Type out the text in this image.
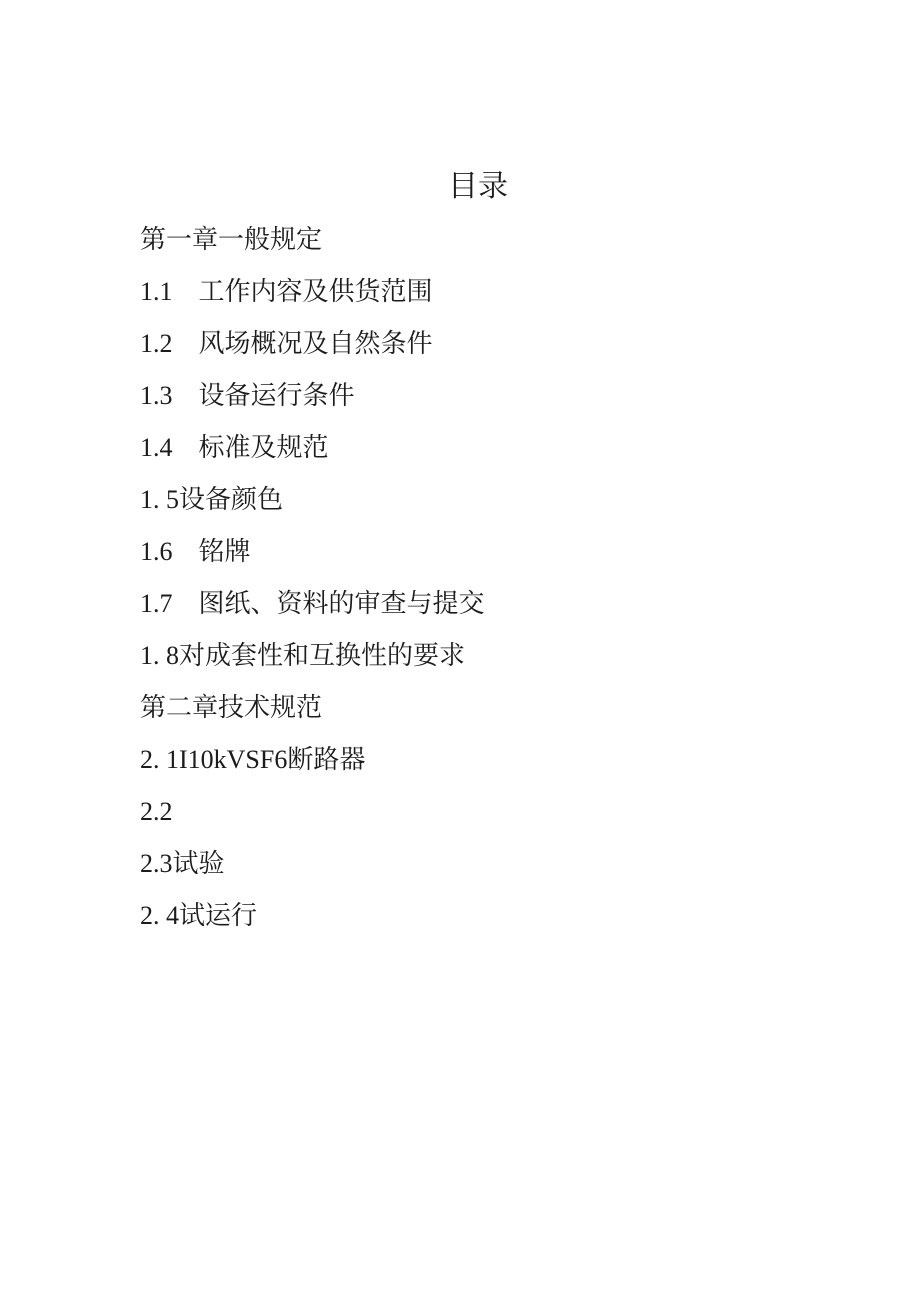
目录
第一章一般规定
1.1　工作内容及供货范围
1.2　风场概况及自然条件
1.3　设备运行条件
1.4　标准及规范
1. 5设备颜色
1.6　铭牌
1.7　图纸、资料的审查与提交
1. 8对成套性和互换性的要求
第二章技术规范
2. 1I10kVSF6断路器
2.2
2.3试验
2. 4试运行
